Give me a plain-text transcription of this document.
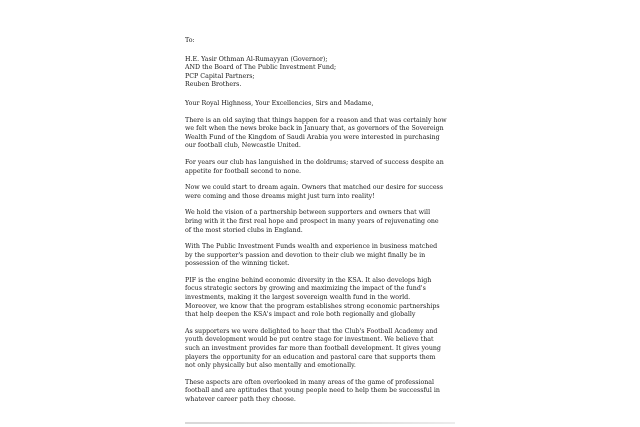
To:
H.E. Yasir Othman Al-Rumayyan (Governor);
AND the Board of The Public Investment Fund;
PCP Capital Partners;
Reuben Brothers.
Your Royal Highness, Your Excellencies, Sirs and Madame,
There is an old saying that things happen for a reason and that was certainly how
we felt when the news broke back in January that, as governors of the Sovereign
Wealth Fund of the Kingdom of Saudi Arabia you were interested in purchasing
our football club, Newcastle United.
For years our club has languished in the doldrums; starved of success despite an
appetite for football second to none.
Now we could start to dream again. Owners that matched our desire for success
were coming and those dreams might just turn into reality!
We hold the vision of a partnership between supporters and owners that will
bring with it the first real hope and prospect in many years of rejuvenating one
of the most storied clubs in England.
With The Public Investment Funds wealth and experience in business matched
by the supporter's passion and devotion to their club we might finally be in
possession of the winning ticket.
PIF is the engine behind economic diversity in the KSA. It also develops high
focus strategic sectors by growing and maximizing the impact of the fund's
investments, making it the largest sovereign wealth fund in the world.
Moreover, we know that the program establishes strong economic partnerships
that help deepen the KSA's impact and role both regionally and globally
As supporters we were delighted to hear that the Club's Football Academy and
youth development would be put centre stage for investment. We believe that
such an investment provides far more than football development. It gives young
players the opportunity for an education and pastoral care that supports them
not only physically but also mentally and emotionally.
These aspects are often overlooked in many areas of the game of professional
football and are aptitudes that young people need to help them be successful in
whatever career path they choose.
